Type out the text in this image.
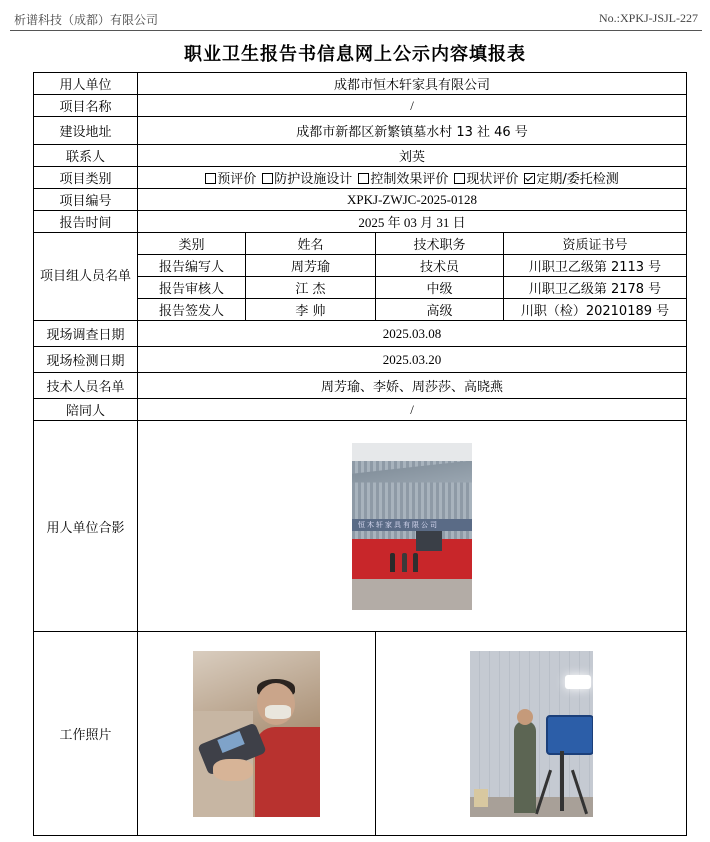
析谱科技（成都）有限公司	No.:XPKJ-JSJL-227
职业卫生报告书信息网上公示内容填报表
用人单位	成都市恒木轩家具有限公司			
项目名称	/			
建设地址	成都市新都区新繁镇墓水村 13 社 46 号			
联系人	刘英			
项目类别	预评价 防护设施设计 控制效果评价 现状评价 定期/委托检测			
项目编号	XPKJ-ZWJC-2025-0128			
报告时间	2025 年 03 月 31 日			
项目组人员名单	类别	姓名	技术职务	资质证书号
	报告编写人	周芳瑜	技术员	川职卫乙级第 2113 号
	报告审核人	江 杰	中级	川职卫乙级第 2178 号
	报告签发人	李 帅	高级	川职（检）20210189 号
现场调查日期	2025.03.08			
现场检测日期	2025.03.20			
技术人员名单	周芳瑜、李娇、周莎莎、高晓燕			
陪同人	/			
用人单位合影	恒木轩家具有限公司			

工作照片			
